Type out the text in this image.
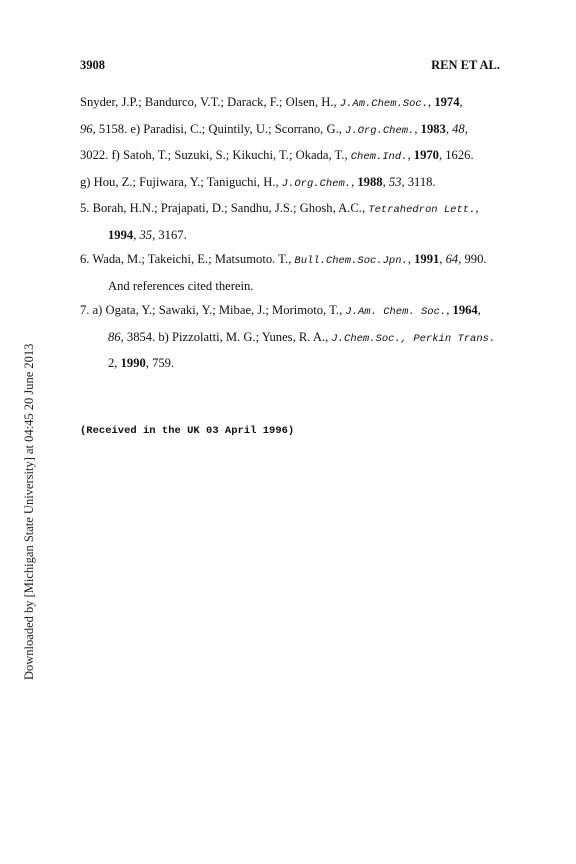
3908	REN ET AL.
Snyder, J.P.; Bandurco, V.T.; Darack, F.; Olsen, H., J.Am.Chem.Soc., 1974,
96, 5158. e) Paradisi, C.; Quintily, U.; Scorrano, G., J.Org.Chem., 1983, 48,
3022. f) Satoh, T.; Suzuki, S.; Kikuchi, T.; Okada, T., Chem.Ind., 1970, 1626.
g) Hou, Z.; Fujiwara, Y.; Taniguchi, H., J.Org.Chem., 1988, 53, 3118.
5. Borah, H.N.; Prajapati, D.; Sandhu, J.S.; Ghosh, A.C., Tetrahedron Lett.,
1994, 35, 3167.
6. Wada, M.; Takeichi, E.; Matsumoto. T., Bull.Chem.Soc.Jpn., 1991, 64, 990.
And references cited therein.
7. a) Ogata, Y.; Sawaki, Y.; Mibae, J.; Morimoto, T., J.Am. Chem. Soc., 1964,
86, 3854. b) Pizzolatti, M. G.; Yunes, R. A., J.Chem.Soc., Perkin Trans.
2, 1990, 759.
(Received in the UK 03 April 1996)
Downloaded by [Michigan State University] at 04:45 20 June 2013
